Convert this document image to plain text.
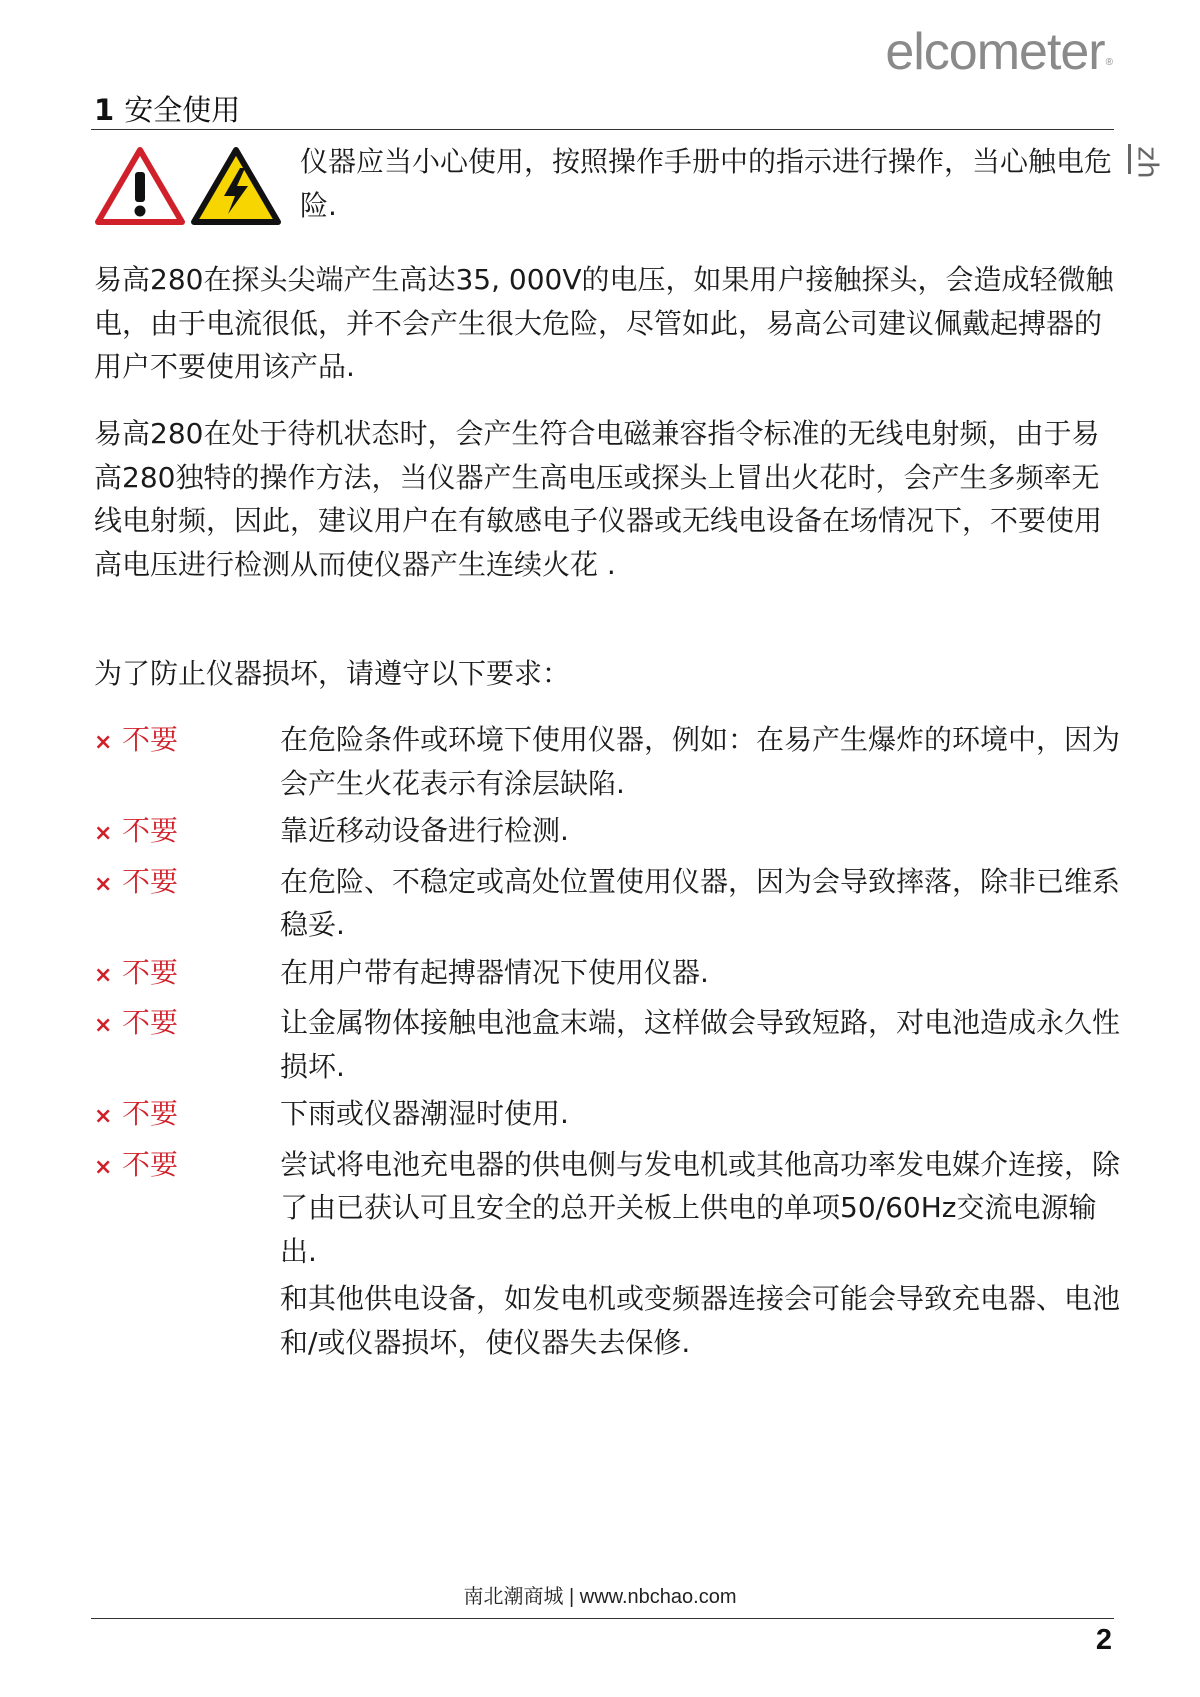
elcometer®
1 安全使用
zh
仪器应当小心使用，按照操作手册中的指示进行操作，当心触电危险.
易高280在探头尖端产生高达35, 000V的电压，如果用户接触探头，会造成轻微触电，由于电流很低，并不会产生很大危险，尽管如此，易高公司建议佩戴起搏器的用户不要使用该产品.
易高280在处于待机状态时，会产生符合电磁兼容指令标准的无线电射频，由于易高280独特的操作方法，当仪器产生高电压或探头上冒出火花时，会产生多频率无线电射频，因此，建议用户在有敏感电子仪器或无线电设备在场情况下，不要使用高电压进行检测从而使仪器产生连续火花 .
为了防止仪器损坏，请遵守以下要求：
× 不要	在危险条件或环境下使用仪器，例如：在易产生爆炸的环境中，因为会产生火花表示有涂层缺陷.
× 不要	靠近移动设备进行检测.
× 不要	在危险、不稳定或高处位置使用仪器，因为会导致摔落，除非已维系稳妥.
× 不要	在用户带有起搏器情况下使用仪器.
× 不要	让金属物体接触电池盒末端，这样做会导致短路，对电池造成永久性损坏.
× 不要	下雨或仪器潮湿时使用.
× 不要	尝试将电池充电器的供电侧与发电机或其他高功率发电媒介连接，除了由已获认可且安全的总开关板上供电的单项50/60Hz交流电源输出.
和其他供电设备，如发电机或变频器连接会可能会导致充电器、电池和/或仪器损坏，使仪器失去保修.
南北潮商城 | www.nbchao.com
2
